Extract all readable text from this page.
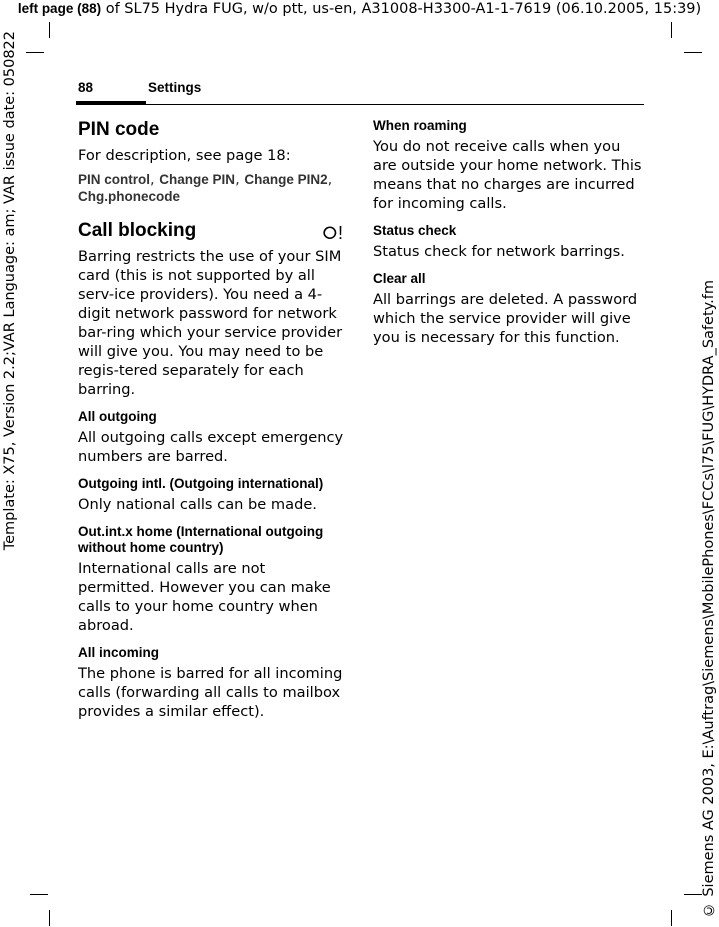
left page (88) of SL75 Hydra FUG, w/o ptt, us-en, A31008-H3300-A1-1-7619 (06.10.2005, 15:39)
Template: X75, Version 2.2;VAR Language: am; VAR issue date: 050822	© Siemens AG 2003, E:\Auftrag\Siemens\MobilePhones\FCCs\l75\FUG\HYDRA_Safety.fm
88	Settings
PIN code

For description, see page 18:

PIN control, Change PIN, Change PIN2, Chg.phonecode
Call blocking	⭘!

Barring restricts the use of your SIM card (this is not supported by all serv-ice providers). You need a 4-digit network password for network bar-ring which your service provider will give you. You may need to be regis-tered separately for each barring.

All outgoing

All outgoing calls except emergency numbers are barred.

Outgoing intl. (Outgoing international)

Only national calls can be made.

Out.int.x home (International outgoing without home country)

International calls are not permitted. However you can make calls to your home country when abroad.

All incoming

The phone is barred for all incoming calls (forwarding all calls to mailbox provides a similar effect).

When roaming

You do not receive calls when you are outside your home network. This means that no charges are incurred for incoming calls.

Status check

Status check for network barrings.

Clear all

All barrings are deleted. A password which the service provider will give you is necessary for this function.
